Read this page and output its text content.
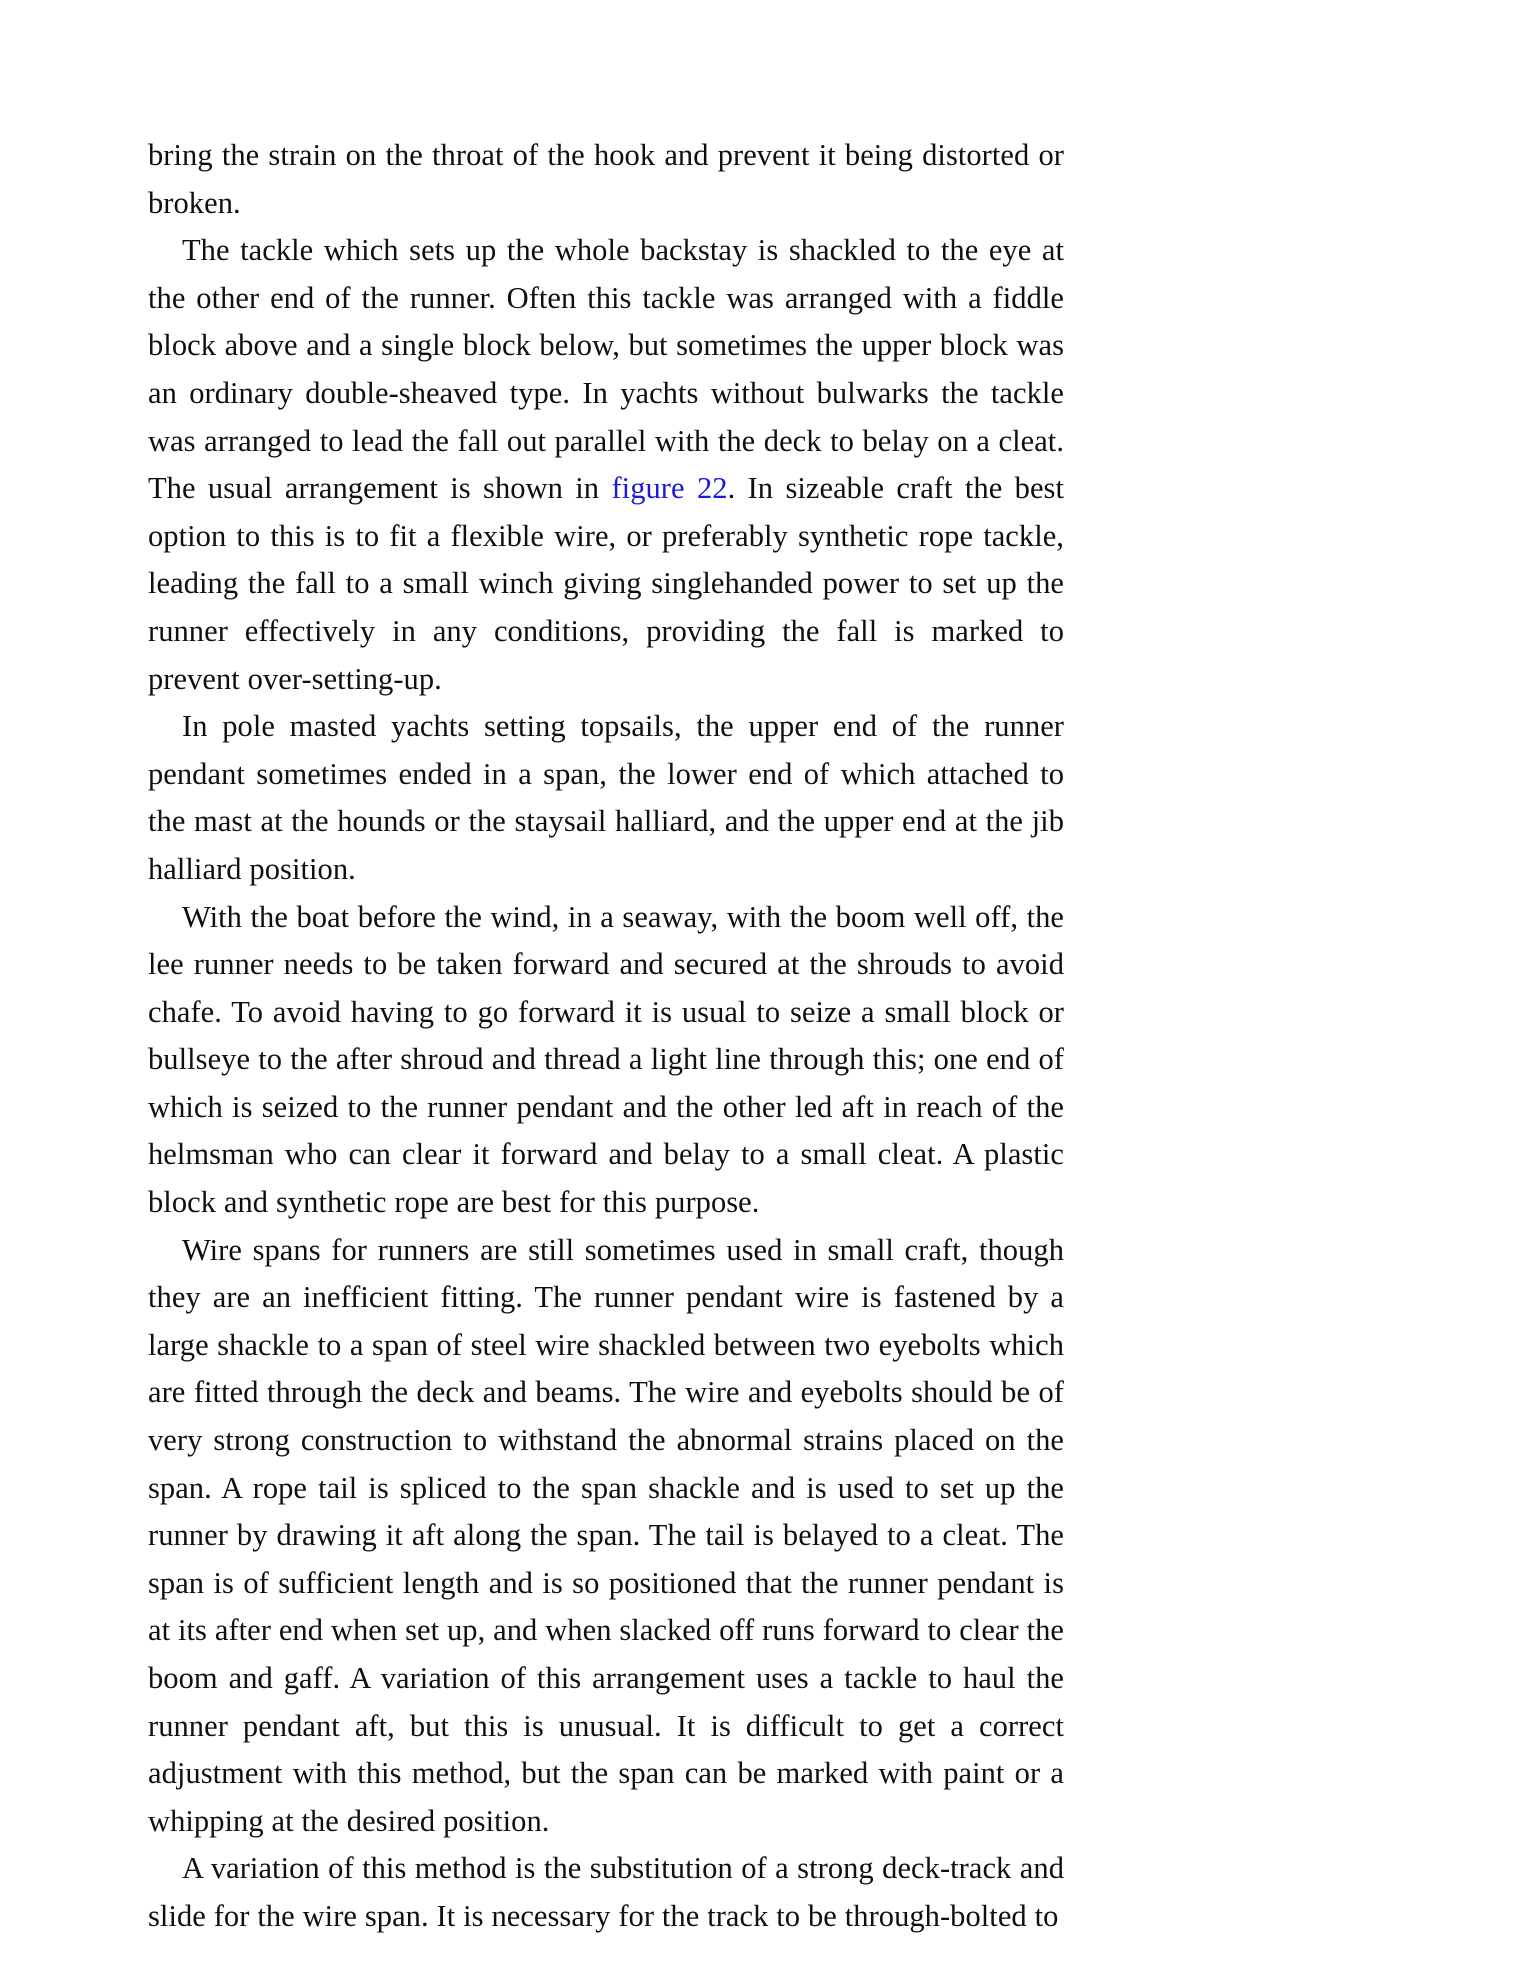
bring the strain on the throat of the hook and prevent it being distorted or broken.

The tackle which sets up the whole backstay is shackled to the eye at the other end of the runner. Often this tackle was arranged with a fiddle block above and a single block below, but sometimes the upper block was an ordinary double-sheaved type. In yachts without bulwarks the tackle was arranged to lead the fall out parallel with the deck to belay on a cleat. The usual arrangement is shown in figure 22. In sizeable craft the best option to this is to fit a flexible wire, or preferably synthetic rope tackle, leading the fall to a small winch giving singlehanded power to set up the runner effectively in any conditions, providing the fall is marked to prevent over-setting-up.

In pole masted yachts setting topsails, the upper end of the runner pendant sometimes ended in a span, the lower end of which attached to the mast at the hounds or the staysail halliard, and the upper end at the jib halliard position.

With the boat before the wind, in a seaway, with the boom well off, the lee runner needs to be taken forward and secured at the shrouds to avoid chafe. To avoid having to go forward it is usual to seize a small block or bullseye to the after shroud and thread a light line through this; one end of which is seized to the runner pendant and the other led aft in reach of the helmsman who can clear it forward and belay to a small cleat. A plastic block and synthetic rope are best for this purpose.

Wire spans for runners are still sometimes used in small craft, though they are an inefficient fitting. The runner pendant wire is fastened by a large shackle to a span of steel wire shackled between two eyebolts which are fitted through the deck and beams. The wire and eyebolts should be of very strong construction to withstand the abnormal strains placed on the span. A rope tail is spliced to the span shackle and is used to set up the runner by drawing it aft along the span. The tail is belayed to a cleat. The span is of sufficient length and is so positioned that the runner pendant is at its after end when set up, and when slacked off runs forward to clear the boom and gaff. A variation of this arrangement uses a tackle to haul the runner pendant aft, but this is unusual. It is difficult to get a correct adjustment with this method, but the span can be marked with paint or a whipping at the desired position.

A variation of this method is the substitution of a strong deck-track and slide for the wire span. It is necessary for the track to be through-bolted to
